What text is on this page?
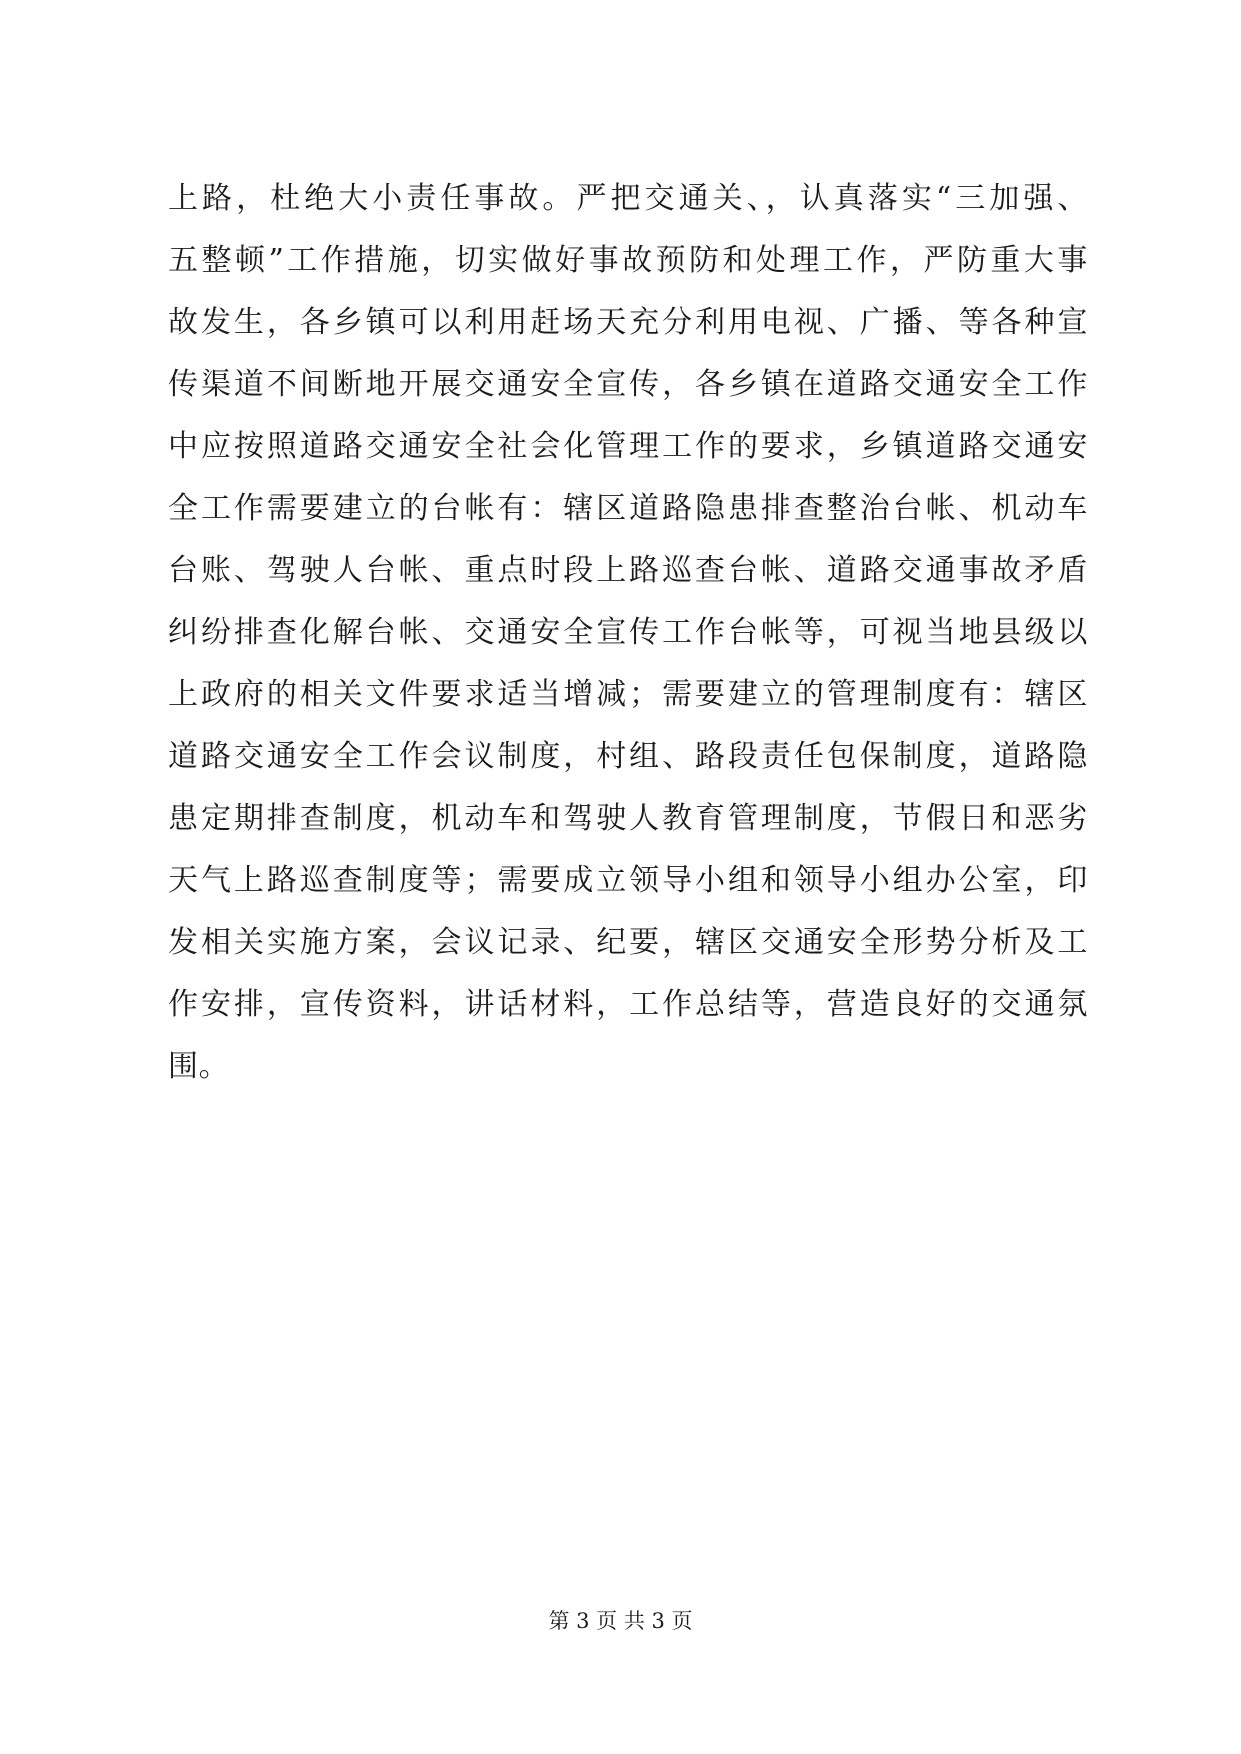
上路，杜绝大小责任事故。严把交通关、，认真落实“三加强、
五整顿”工作措施，切实做好事故预防和处理工作，严防重大事
故发生，各乡镇可以利用赶场天充分利用电视、广播、等各种宣
传渠道不间断地开展交通安全宣传，各乡镇在道路交通安全工作
中应按照道路交通安全社会化管理工作的要求，乡镇道路交通安
全工作需要建立的台帐有：辖区道路隐患排查整治台帐、机动车
台账、驾驶人台帐、重点时段上路巡查台帐、道路交通事故矛盾
纠纷排查化解台帐、交通安全宣传工作台帐等，可视当地县级以
上政府的相关文件要求适当增减；需要建立的管理制度有：辖区
道路交通安全工作会议制度，村组、路段责任包保制度，道路隐
患定期排查制度，机动车和驾驶人教育管理制度，节假日和恶劣
天气上路巡查制度等；需要成立领导小组和领导小组办公室，印
发相关实施方案，会议记录、纪要，辖区交通安全形势分析及工
作安排，宣传资料，讲话材料，工作总结等，营造良好的交通氛
围。
第 3 页 共 3 页
